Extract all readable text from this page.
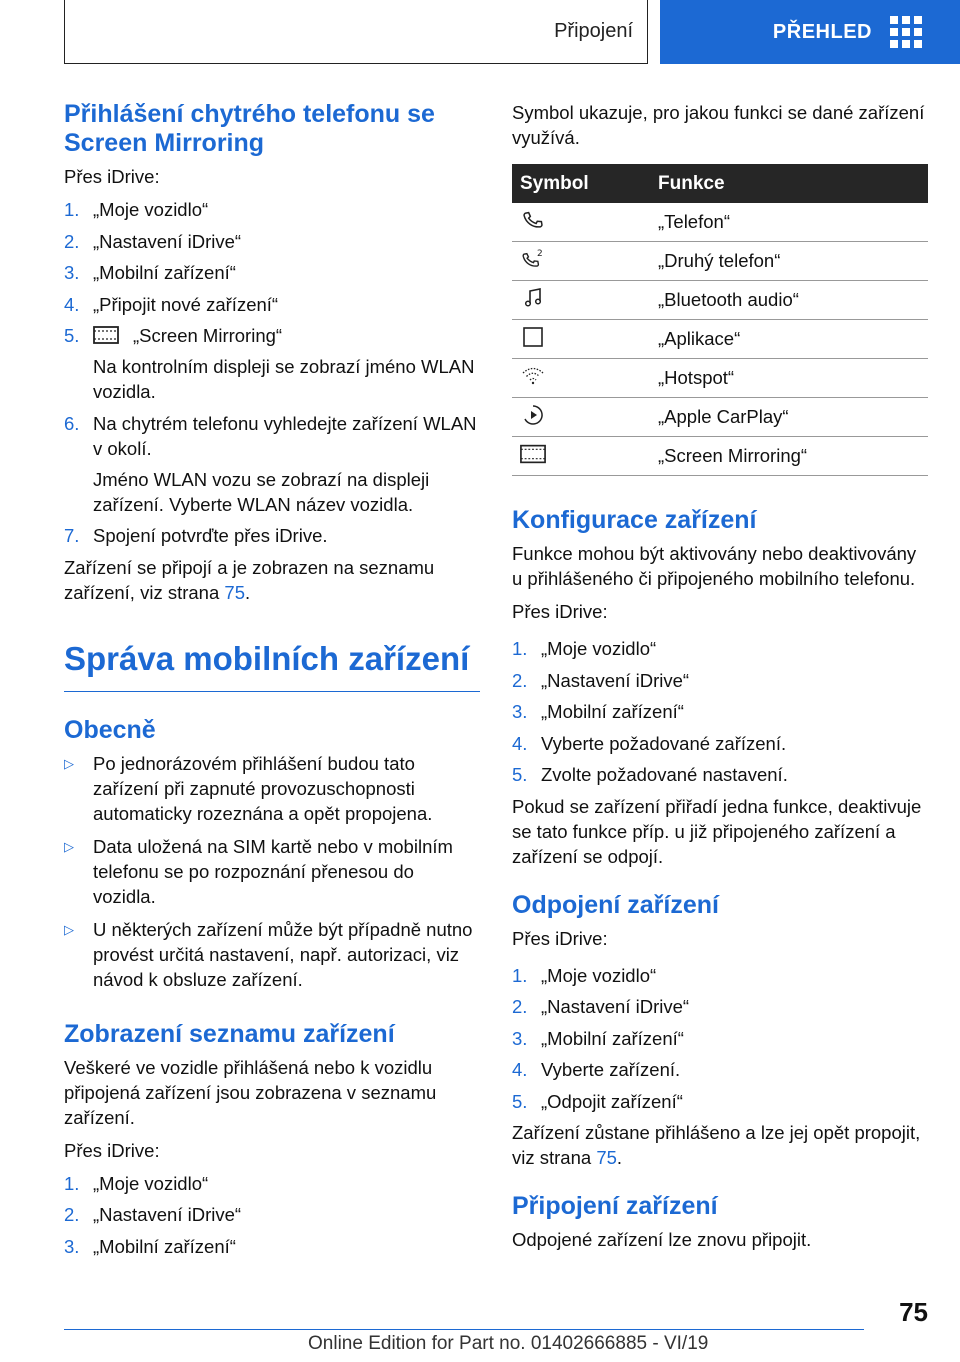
Připojení	PŘEHLED
Přihlášení chytrého telefonu se Screen Mirroring

Přes iDrive:

1. „Moje vozidlo“
2. „Nastavení iDrive“
3. „Mobilní zařízení“
4. „Připojit nové zařízení“
5.	„Screen Mirroring“

Na kontrolním displeji se zobrazí jméno WLAN vozidla.

6. Na chytrém telefonu vyhledejte zařízení WLAN v okolí.

Jméno WLAN vozu se zobrazí na displeji zařízení. Vyberte WLAN název vozidla.

7. Spojení potvrďte přes iDrive.

Zařízení se připojí a je zobrazen na seznamu zařízení, viz strana 75.

Správa mobilních zařízení
Obecně
▷	Po jednorázovém přihlášení budou tato zařízení při zapnuté provozuschopnosti automaticky rozeznána a opět propojena.
▷	Data uložená na SIM kartě nebo v mobilním telefonu se po rozpoznání přenesou do vozidla.
▷	U některých zařízení může být případně nutno provést určitá nastavení, např. autorizaci, viz návod k obsluze zařízení.
Zobrazení seznamu zařízení

Veškeré ve vozidle přihlášená nebo k vozidlu připojená zařízení jsou zobrazena v seznamu zařízení.

Přes iDrive:

1. „Moje vozidlo“
2. „Nastavení iDrive“
3. „Mobilní zařízení“

Symbol ukazuje, pro jakou funkci se dané zařízení využívá.

Symbol	Funkce

	„Telefon“

2	„Druhý telefon“

	„Bluetooth audio“

	„Aplikace“

	„Hotspot“

	„Apple CarPlay“

	„Screen Mirroring“
Konfigurace zařízení

Funkce mohou být aktivovány nebo deaktivovány u přihlášeného či připojeného mobilního telefonu.

Přes iDrive:

1. „Moje vozidlo“
2. „Nastavení iDrive“
3. „Mobilní zařízení“
4. Vyberte požadované zařízení.
5. Zvolte požadované nastavení.

Pokud se zařízení přiřadí jedna funkce, deaktivuje se tato funkce příp. u již připojeného zařízení a zařízení se odpojí.

Odpojení zařízení

Přes iDrive:

1. „Moje vozidlo“
2. „Nastavení iDrive“
3. „Mobilní zařízení“
4. Vyberte zařízení.
5. „Odpojit zařízení“

Zařízení zůstane přihlášeno a lze jej opět propojit, viz strana 75.

Připojení zařízení

Odpojené zařízení lze znovu připojit.

75
Online Edition for Part no. 01402666885 - VI/19
